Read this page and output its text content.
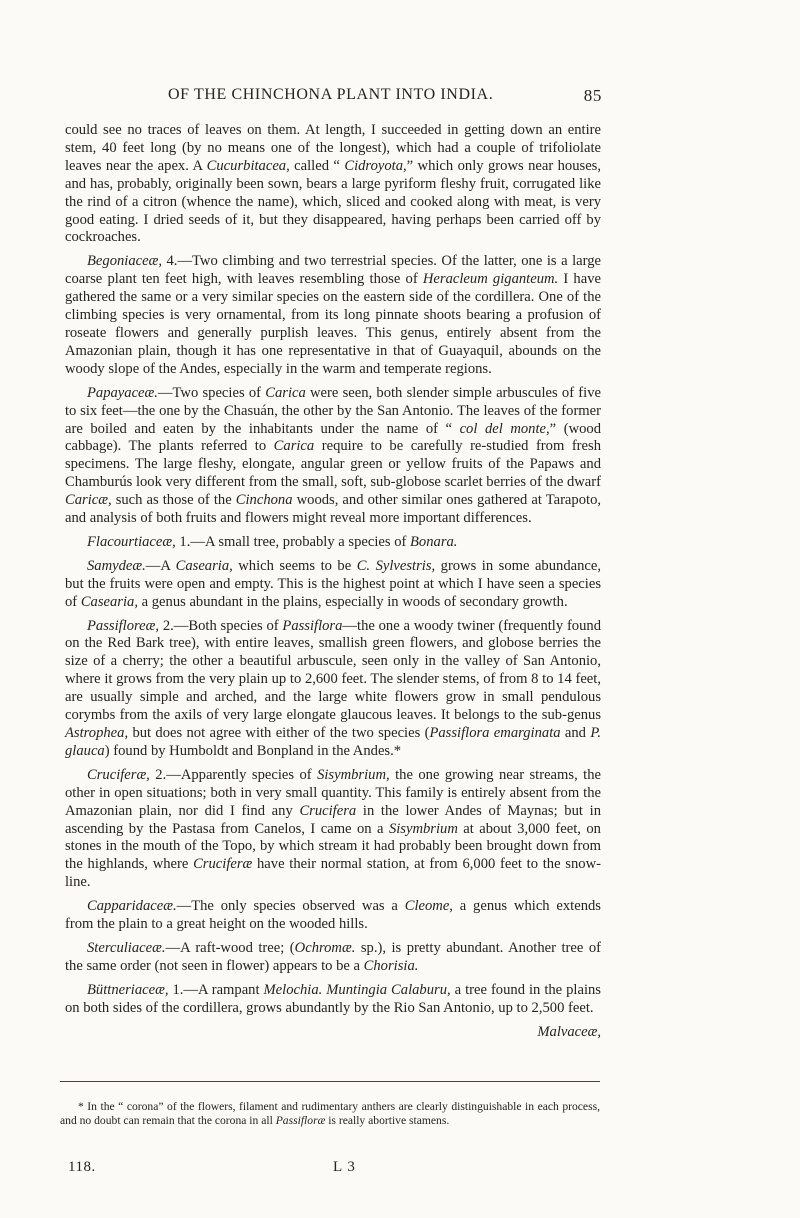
OF THE CHINCHONA PLANT INTO INDIA.	85

could see no traces of leaves on them. At length, I succeeded in getting down an entire stem, 40 feet long (by no means one of the longest), which had a couple of trifoliolate leaves near the apex. A Cucurbitacea, called “ Cidroyota,” which only grows near houses, and has, probably, originally been sown, bears a large pyriform fleshy fruit, corrugated like the rind of a citron (whence the name), which, sliced and cooked along with meat, is very good eating. I dried seeds of it, but they disappeared, having perhaps been carried off by cockroaches.

Begoniaceæ, 4.—Two climbing and two terrestrial species. Of the latter, one is a large coarse plant ten feet high, with leaves resembling those of Heracleum giganteum. I have gathered the same or a very similar species on the eastern side of the cordillera. One of the climbing species is very ornamental, from its long pinnate shoots bearing a profusion of roseate flowers and generally purplish leaves. This genus, entirely absent from the Amazonian plain, though it has one representative in that of Guayaquil, abounds on the woody slope of the Andes, especially in the warm and temperate regions.

Papayaceæ.—Two species of Carica were seen, both slender simple arbuscules of five to six feet—the one by the Chasuán, the other by the San Antonio. The leaves of the former are boiled and eaten by the inhabitants under the name of “ col del monte,” (wood cabbage). The plants referred to Carica require to be carefully re-studied from fresh specimens. The large fleshy, elongate, angular green or yellow fruits of the Papaws and Chamburús look very different from the small, soft, sub-globose scarlet berries of the dwarf Caricæ, such as those of the Cinchona woods, and other similar ones gathered at Tarapoto, and analysis of both fruits and flowers might reveal more important differences.

Flacourtiaceæ, 1.—A small tree, probably a species of Bonara.

Samydeæ.—A Casearia, which seems to be C. Sylvestris, grows in some abundance, but the fruits were open and empty. This is the highest point at which I have seen a species of Casearia, a genus abundant in the plains, especially in woods of secondary growth.

Passifloreæ, 2.—Both species of Passiflora—the one a woody twiner (frequently found on the Red Bark tree), with entire leaves, smallish green flowers, and globose berries the size of a cherry; the other a beautiful arbuscule, seen only in the valley of San Antonio, where it grows from the very plain up to 2,600 feet. The slender stems, of from 8 to 14 feet, are usually simple and arched, and the large white flowers grow in small pendulous corymbs from the axils of very large elongate glaucous leaves. It belongs to the sub-genus Astrophea, but does not agree with either of the two species (Passiflora emarginata and P. glauca) found by Humboldt and Bonpland in the Andes.*

Cruciferæ, 2.—Apparently species of Sisymbrium, the one growing near streams, the other in open situations; both in very small quantity. This family is entirely absent from the Amazonian plain, nor did I find any Crucifera in the lower Andes of Maynas; but in ascending by the Pastasa from Canelos, I came on a Sisymbrium at about 3,000 feet, on stones in the mouth of the Topo, by which stream it had probably been brought down from the highlands, where Cruciferæ have their normal station, at from 6,000 feet to the snow-line.

Capparidaceæ.—The only species observed was a Cleome, a genus which extends from the plain to a great height on the wooded hills.

Sterculiaceæ.—A raft-wood tree; (Ochromæ. sp.), is pretty abundant. Another tree of the same order (not seen in flower) appears to be a Chorisia.

Büttneriaceæ, 1.—A rampant Melochia. Muntingia Calaburu, a tree found in the plains on both sides of the cordillera, grows abundantly by the Rio San Antonio, up to 2,500 feet.

Malvaceæ,

* In the “ corona” of the flowers, filament and rudimentary anthers are clearly distinguishable in each process, and no doubt can remain that the corona in all Passifloræ is really abortive stamens.
118.	L 3
